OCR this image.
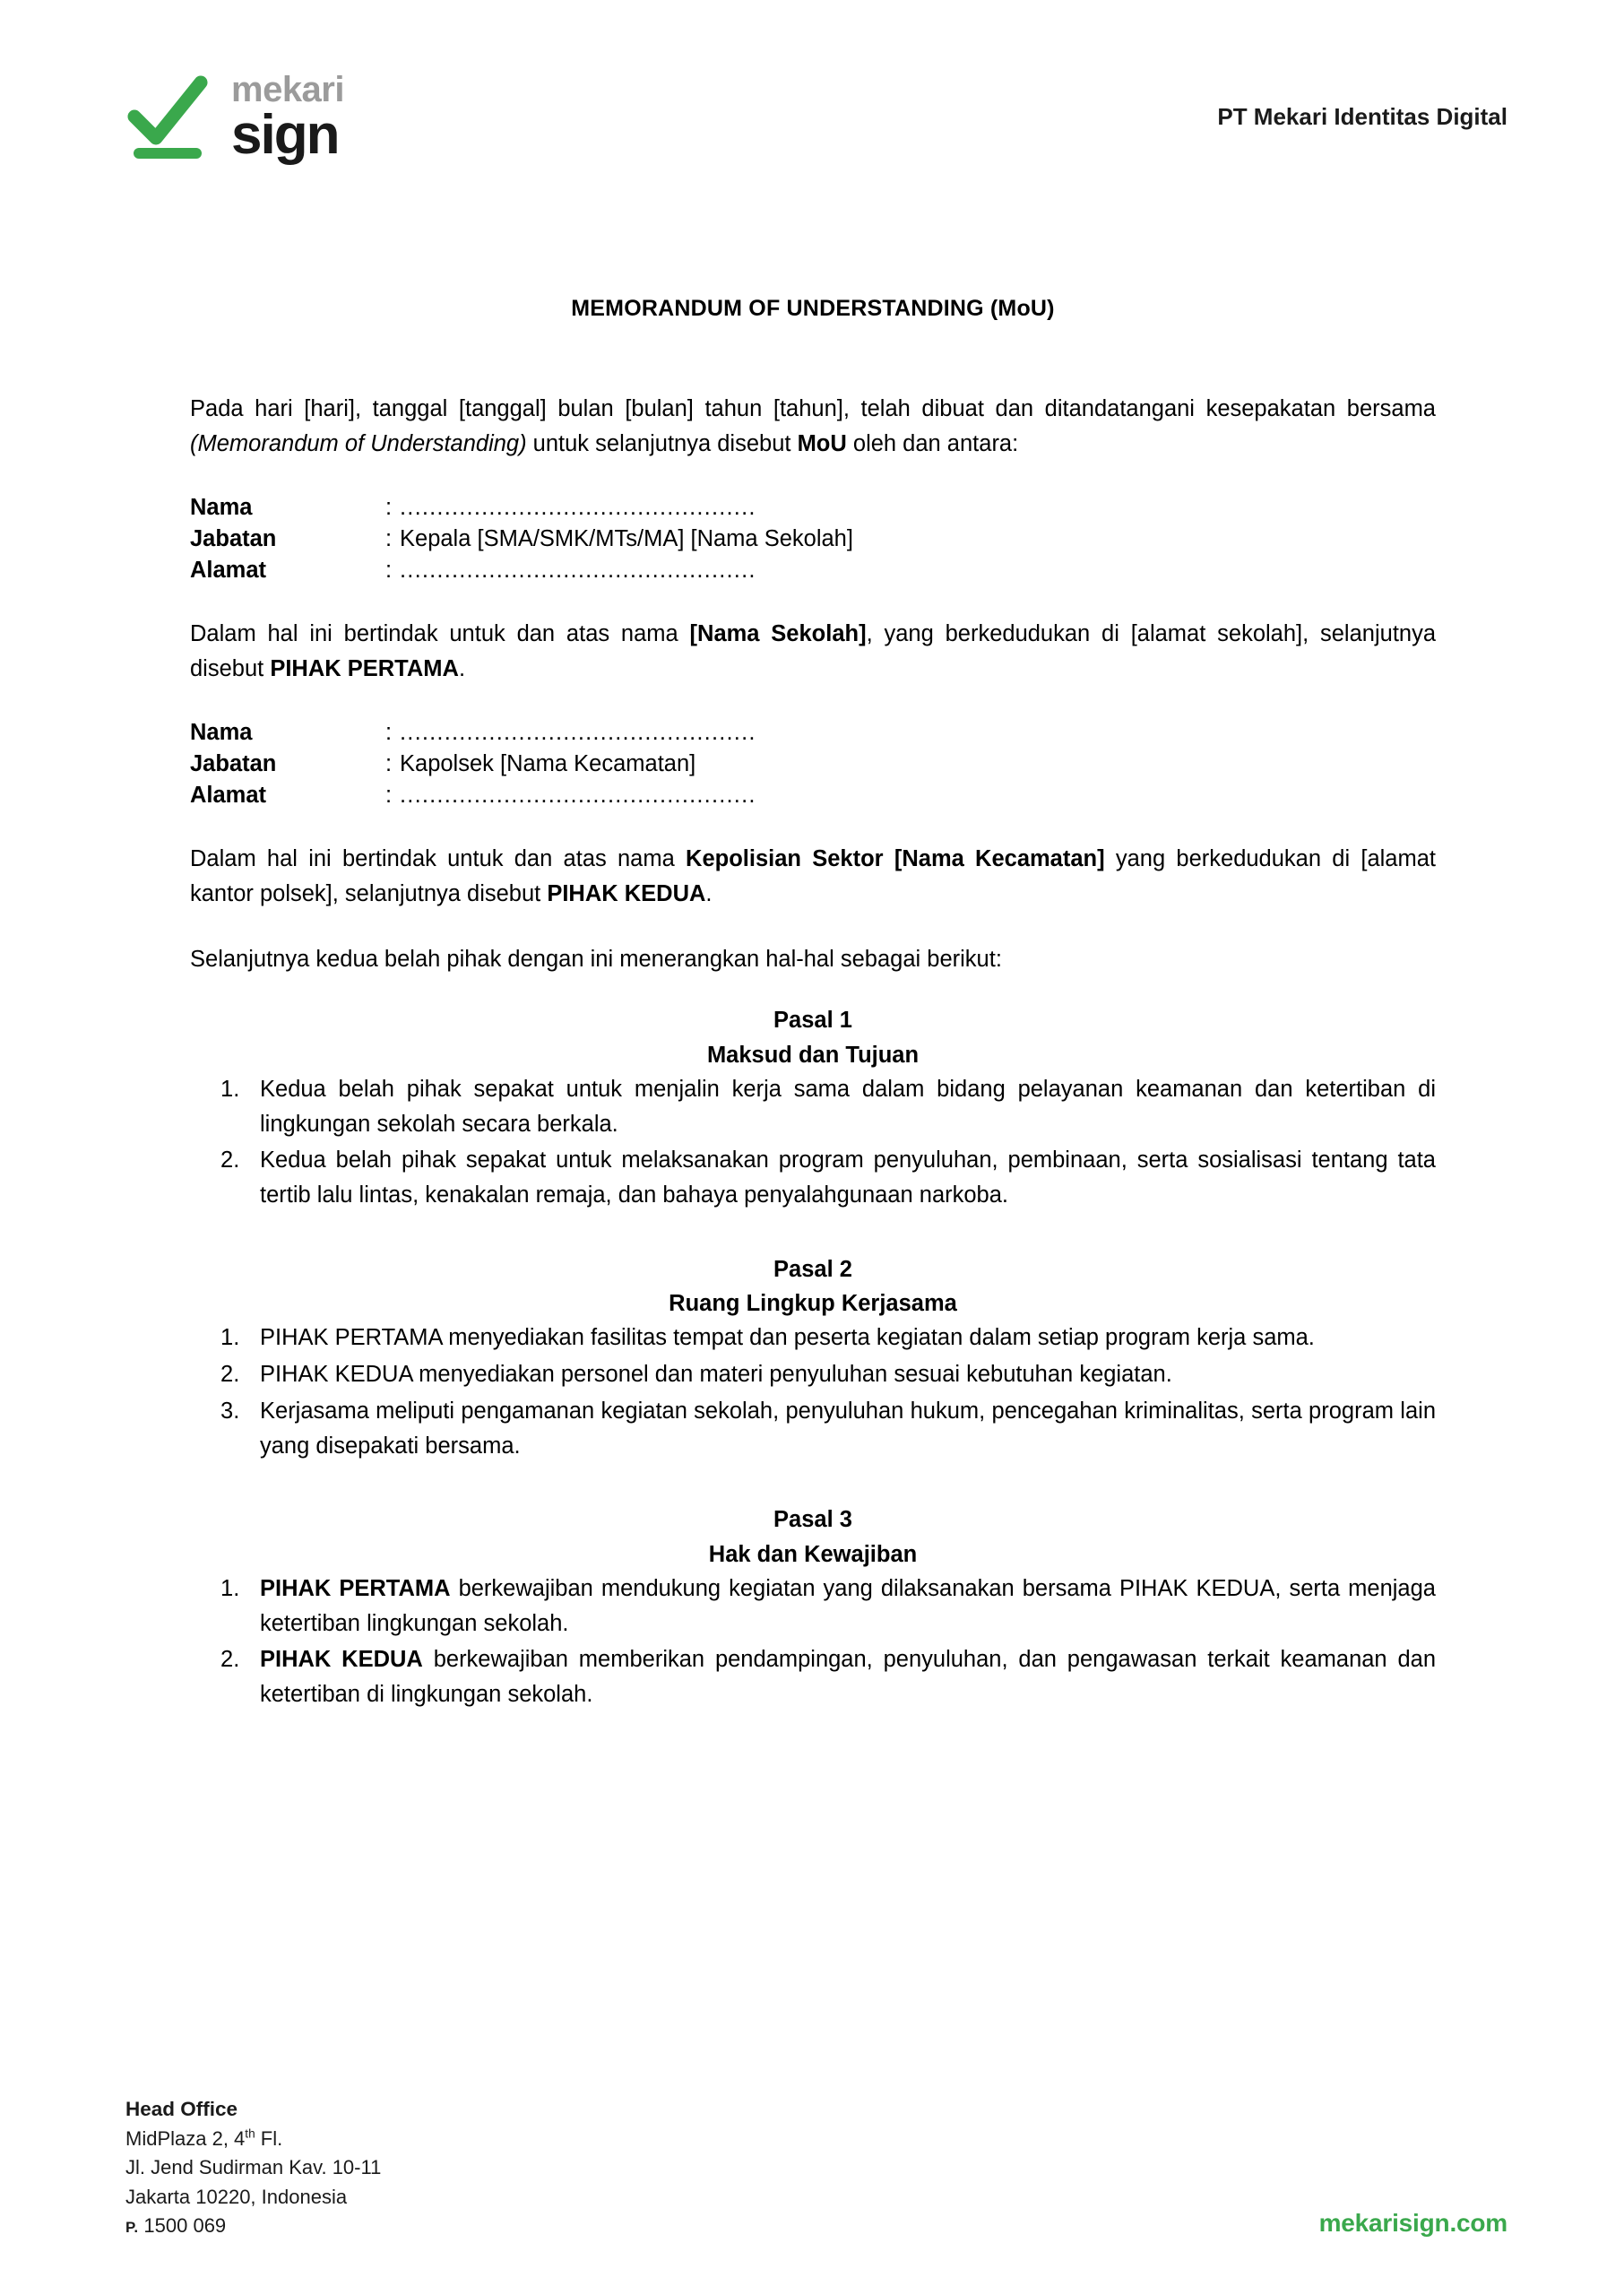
mekari
sign	PT Mekari Identitas Digital
MEMORANDUM OF UNDERSTANDING (MoU)

Pada hari [hari], tanggal [tanggal] bulan [bulan] tahun [tahun], telah dibuat dan ditandatangani kesepakatan bersama (Memorandum of Understanding) untuk selanjutnya disebut MoU oleh dan antara:

Nama	: ................................................
Jabatan	: Kepala [SMA/SMK/MTs/MA] [Nama Sekolah]
Alamat	: ................................................

Dalam hal ini bertindak untuk dan atas nama [Nama Sekolah], yang berkedudukan di [alamat sekolah], selanjutnya disebut PIHAK PERTAMA.

Nama	: ................................................
Jabatan	: Kapolsek [Nama Kecamatan]
Alamat	: ................................................

Dalam hal ini bertindak untuk dan atas nama Kepolisian Sektor [Nama Kecamatan] yang berkedudukan di [alamat kantor polsek], selanjutnya disebut PIHAK KEDUA.

Selanjutnya kedua belah pihak dengan ini menerangkan hal-hal sebagai berikut:

Pasal 1
Maksud dan Tujuan
Kedua belah pihak sepakat untuk menjalin kerja sama dalam bidang pelayanan keamanan dan ketertiban di lingkungan sekolah secara berkala.
Kedua belah pihak sepakat untuk melaksanakan program penyuluhan, pembinaan, serta sosialisasi tentang tata tertib lalu lintas, kenakalan remaja, dan bahaya penyalahgunaan narkoba.
Pasal 2
Ruang Lingkup Kerjasama
PIHAK PERTAMA menyediakan fasilitas tempat dan peserta kegiatan dalam setiap program kerja sama.
PIHAK KEDUA menyediakan personel dan materi penyuluhan sesuai kebutuhan kegiatan.
Kerjasama meliputi pengamanan kegiatan sekolah, penyuluhan hukum, pencegahan kriminalitas, serta program lain yang disepakati bersama.
Pasal 3
Hak dan Kewajiban
PIHAK PERTAMA berkewajiban mendukung kegiatan yang dilaksanakan bersama PIHAK KEDUA, serta menjaga ketertiban lingkungan sekolah.
PIHAK KEDUA berkewajiban memberikan pendampingan, penyuluhan, dan pengawasan terkait keamanan dan ketertiban di lingkungan sekolah.
Head Office
MidPlaza 2, 4th Fl.
Jl. Jend Sudirman Kav. 10-11
Jakarta 10220, Indonesia
P. 1500 069	mekarisign.com
